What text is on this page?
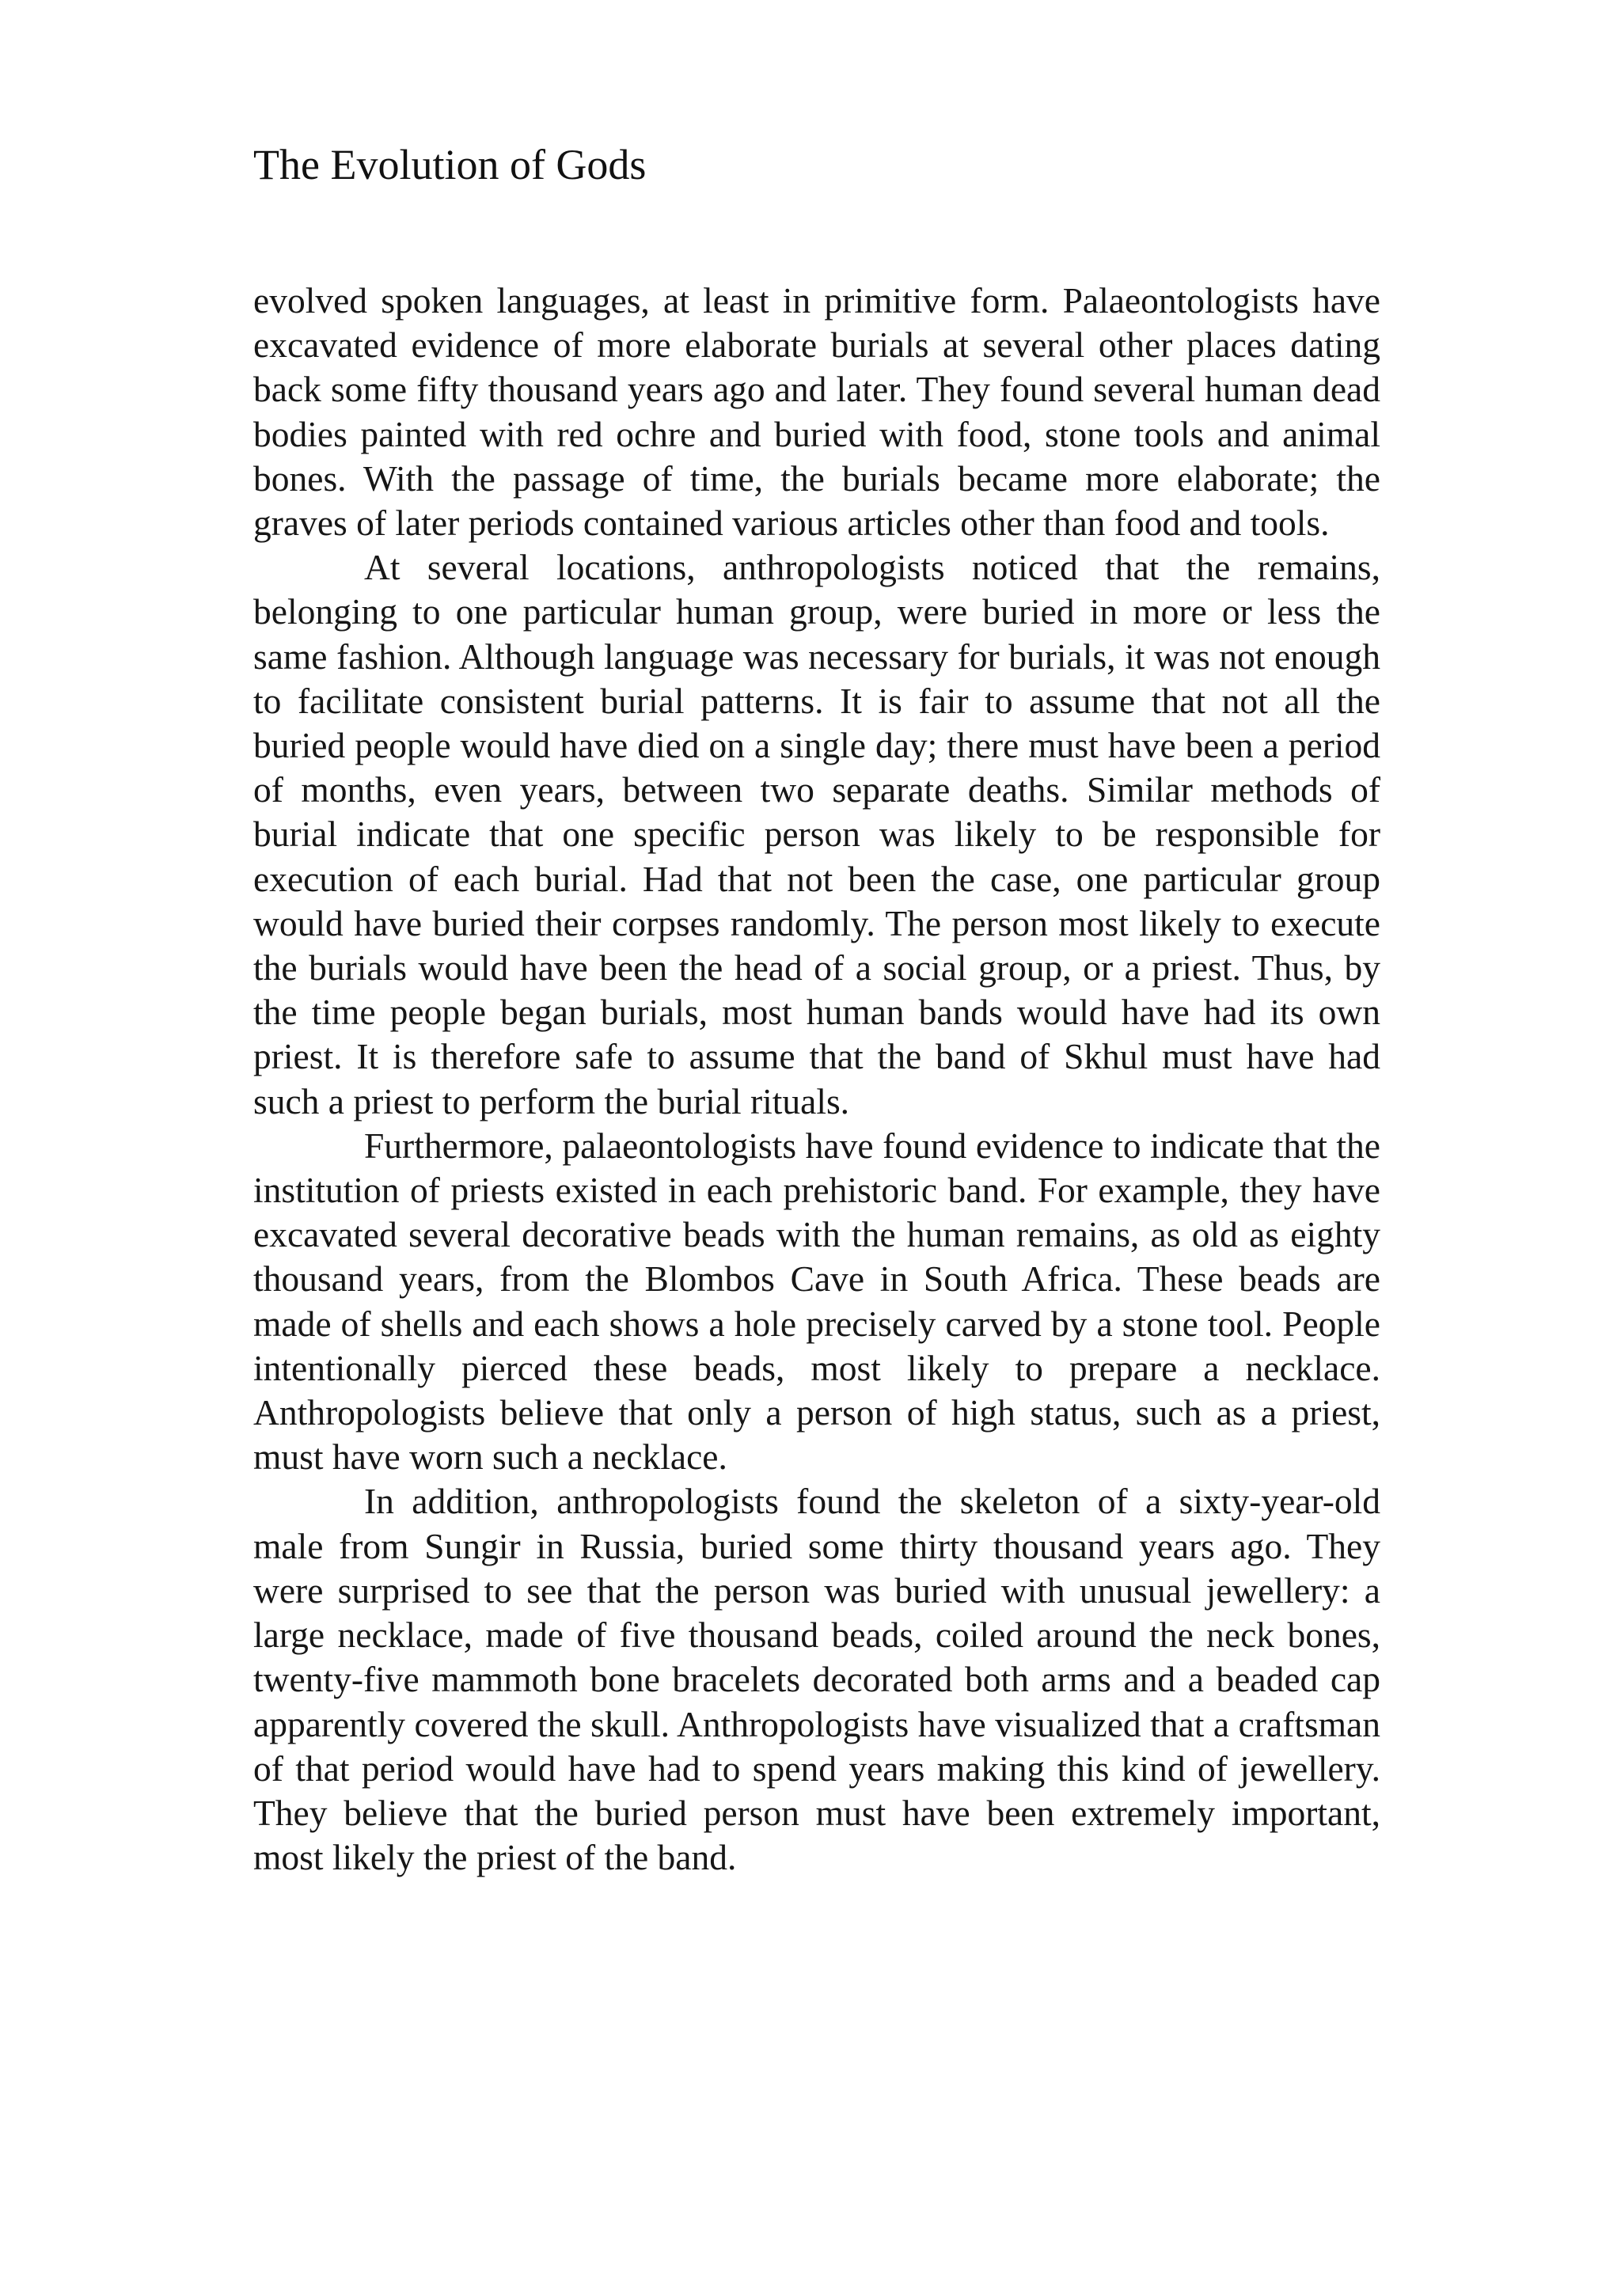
The Evolution of Gods

evolved spoken languages, at least in primitive form. Palaeontologists have excavated evidence of more elaborate burials at several other places dating back some fifty thousand years ago and later. They found several human dead bodies painted with red ochre and buried with food, stone tools and animal bones. With the passage of time, the burials became more elaborate; the graves of later periods contained various articles other than food and tools.

At several locations, anthropologists noticed that the remains, belonging to one particular human group, were buried in more or less the same fashion. Although language was necessary for burials, it was not enough to facilitate consistent burial patterns. It is fair to assume that not all the buried people would have died on a single day; there must have been a period of months, even years, between two separate deaths. Similar methods of burial indicate that one specific person was likely to be responsible for execution of each burial. Had that not been the case, one particular group would have buried their corpses randomly. The person most likely to execute the burials would have been the head of a social group, or a priest. Thus, by the time people began burials, most human bands would have had its own priest. It is therefore safe to assume that the band of Skhul must have had such a priest to perform the burial rituals.

Furthermore, palaeontologists have found evidence to indicate that the institution of priests existed in each prehistoric band. For example, they have excavated several decorative beads with the human remains, as old as eighty thousand years, from the Blombos Cave in South Africa. These beads are made of shells and each shows a hole precisely carved by a stone tool. People intentionally pierced these beads, most likely to prepare a necklace. Anthropologists believe that only a person of high status, such as a priest, must have worn such a necklace.

In addition, anthropologists found the skeleton of a sixty-year-old male from Sungir in Russia, buried some thirty thousand years ago. They were surprised to see that the person was buried with unusual jewellery: a large necklace, made of five thousand beads, coiled around the neck bones, twenty-five mammoth bone bracelets decorated both arms and a beaded cap apparently covered the skull. Anthropologists have visualized that a craftsman of that period would have had to spend years making this kind of jewellery. They believe that the buried person must have been extremely important, most likely the priest of the band.
